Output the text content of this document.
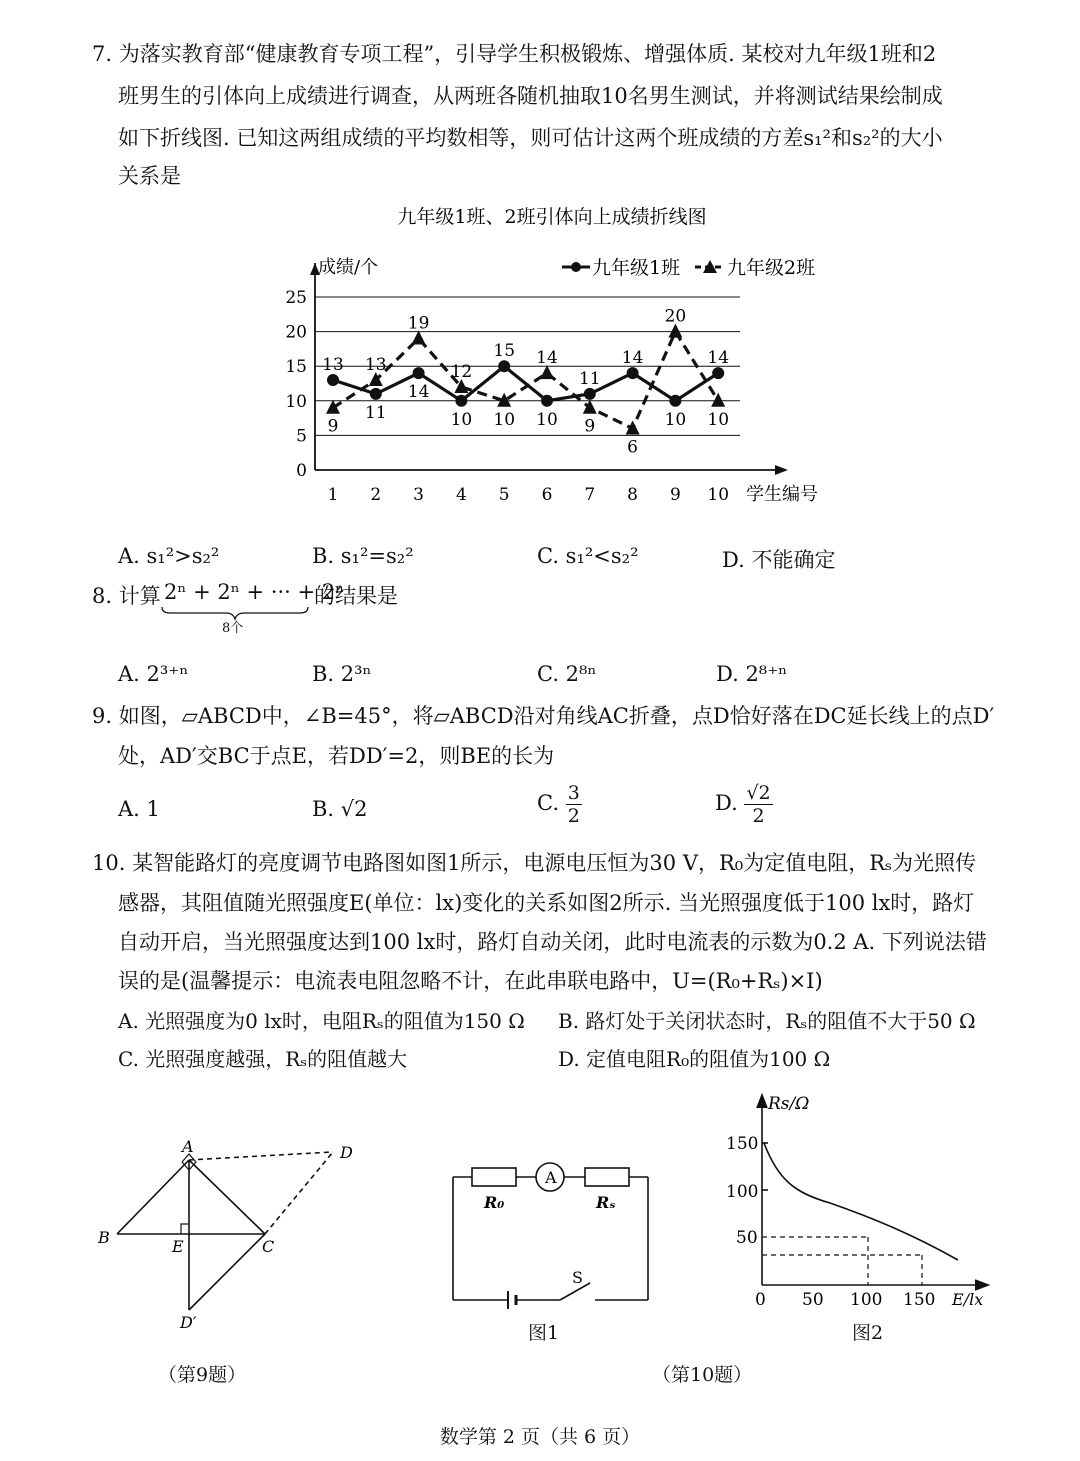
7. 为落实教育部“健康教育专项工程”，引导学生积极锻炼、增强体质. 某校对九年级1班和2
班男生的引体向上成绩进行调查，从两班各随机抽取10名男生测试，并将测试结果绘制成
如下折线图. 已知这两组成绩的平均数相等，则可估计这两个班成绩的方差s₁²和s₂²的大小
关系是
九年级1班、2班引体向上成绩折线图
0
5
10
15
20
25
成绩/个
学生编号
1 2 3 4 5 6 7 8 9 10
九年级1班 九年级2班
13
11
14
10
15
10
11
14
10
14
9
13
19
12
10
14
9
6
20
10
A. s₁²>s₂²	B. s₁²=s₂²	C. s₁²<s₂²	D. 不能确定
8. 计算 2ⁿ + 2ⁿ + ··· + 2ⁿ
8个
的结果是
A. 2³⁺ⁿ	B. 2³ⁿ	C. 2⁸ⁿ	D. 2⁸⁺ⁿ
9. 如图，▱ABCD中，∠B=45°，将▱ABCD沿对角线AC折叠，点D恰好落在DC延长线上的点D′
处，AD′交BC于点E，若DD′=2，则BE的长为
A. 1	B. √2	C. $\frac{3}{2}$	D. $\frac{√2}{2}$
10. 某智能路灯的亮度调节电路图如图1所示，电源电压恒为30 V，R₀为定值电阻，Rₛ为光照传
感器，其阻值随光照强度E(单位：lx)变化的关系如图2所示. 当光照强度低于100 lx时，路灯
自动开启，当光照强度达到100 lx时，路灯自动关闭，此时电流表的示数为0.2 A. 下列说法错
误的是(温馨提示：电流表电阻忽略不计，在此串联电路中，U=(R₀+Rₛ)×I)
A. 光照强度为0 lx时，电阻Rₛ的阻值为150 Ω B. 路灯处于关闭状态时，Rₛ的阻值不大于50 Ω
C. 光照强度越强，Rₛ的阻值越大	D. 定值电阻R₀的阻值为100 Ω
A
B	E	C
D
D′
（第9题）
A
R₀	Rₛ
S
图1
Rs/Ω
E/lx
150
100
50
0 50 100 150
图2
（第10题）
数学第 2 页（共 6 页）
